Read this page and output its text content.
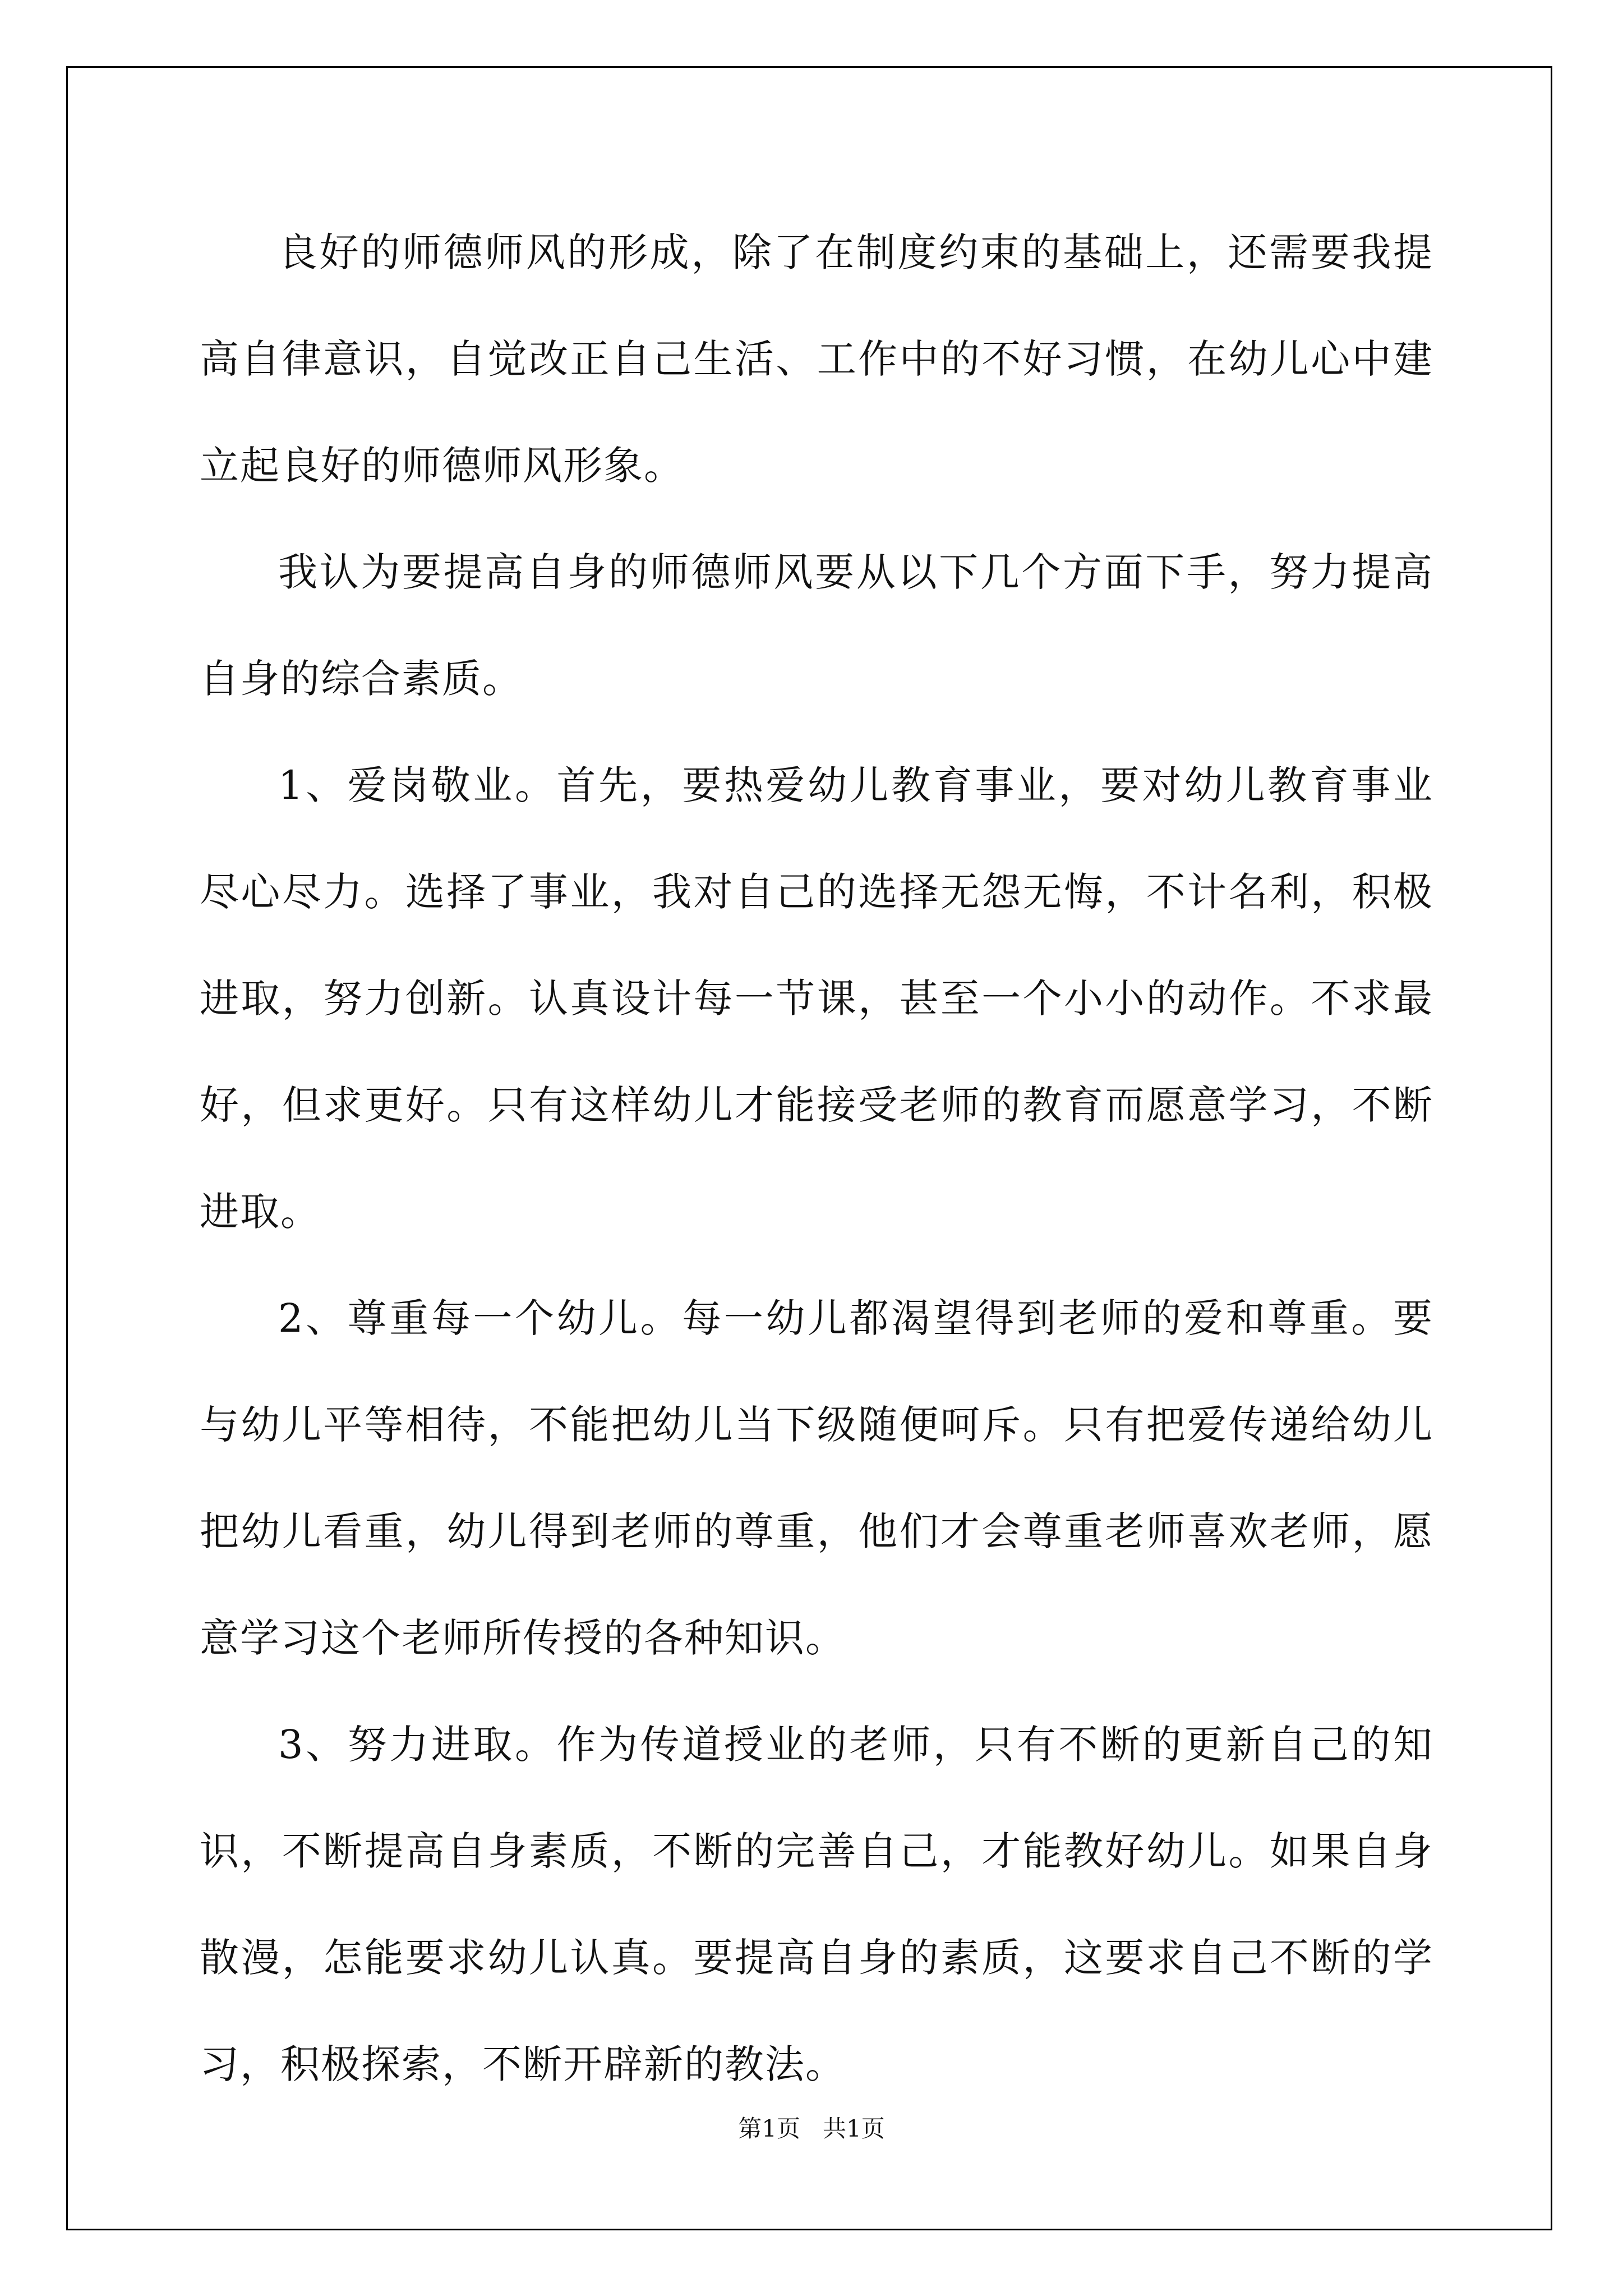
良好的师德师风的形成，除了在制度约束的基础上，还需要我提高自律意识，自觉改正自己生活、工作中的不好习惯，在幼儿心中建立起良好的师德师风形象。

我认为要提高自身的师德师风要从以下几个方面下手，努力提高自身的综合素质。

1、爱岗敬业。首先，要热爱幼儿教育事业，要对幼儿教育事业尽心尽力。选择了事业，我对自己的选择无怨无悔，不计名利，积极进取，努力创新。认真设计每一节课，甚至一个小小的动作。不求最好，但求更好。只有这样幼儿才能接受老师的教育而愿意学习，不断进取。

2、尊重每一个幼儿。每一幼儿都渴望得到老师的爱和尊重。要与幼儿平等相待，不能把幼儿当下级随便呵斥。只有把爱传递给幼儿把幼儿看重，幼儿得到老师的尊重，他们才会尊重老师喜欢老师，愿意学习这个老师所传授的各种知识。

3、努力进取。作为传道授业的老师，只有不断的更新自己的知识，不断提高自身素质，不断的完善自己，才能教好幼儿。如果自身散漫，怎能要求幼儿认真。要提高自身的素质，这要求自己不断的学习，积极探索，不断开辟新的教法。

第1页 共1页
